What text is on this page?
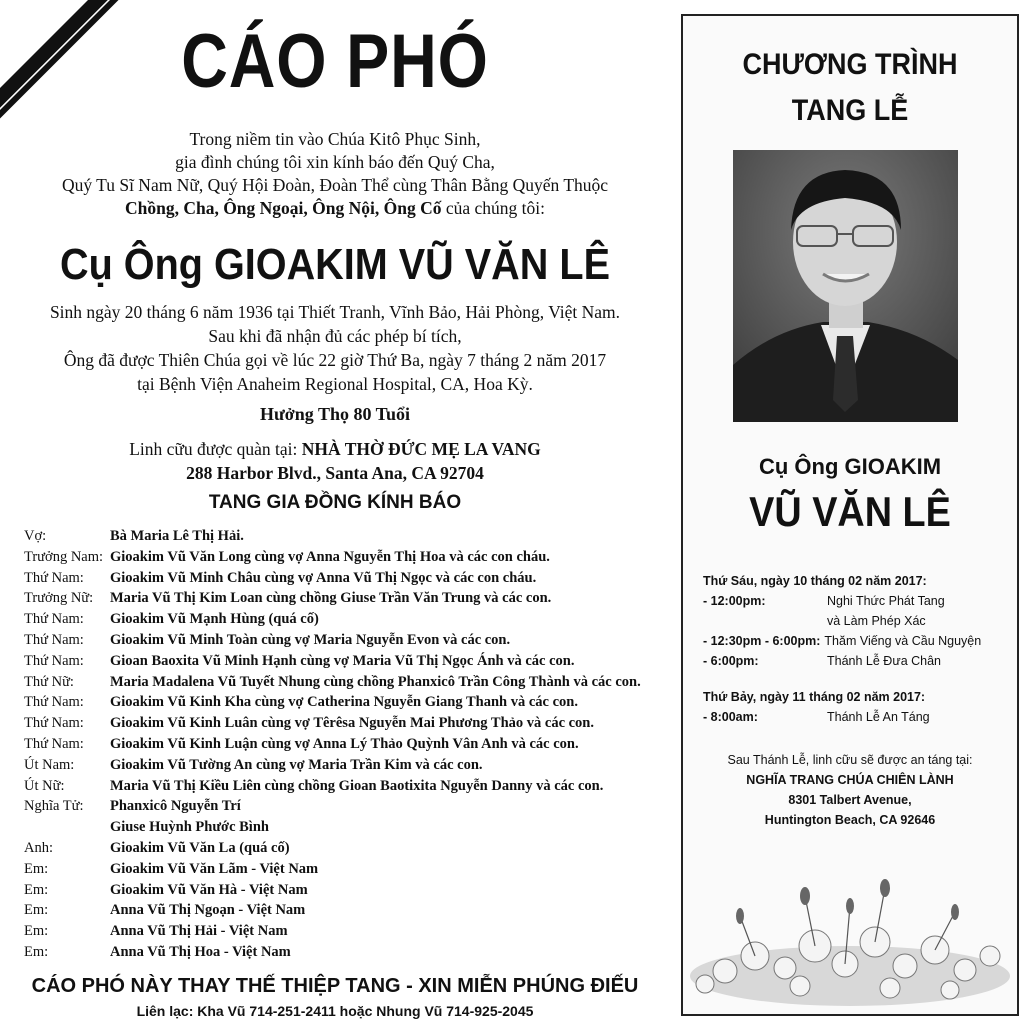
CÁO PHÓ
Trong niềm tin vào Chúa Kitô Phục Sinh,
gia đình chúng tôi xin kính báo đến Quý Cha,
Quý Tu Sĩ Nam Nữ, Quý Hội Đoàn, Đoàn Thể cùng Thân Bằng Quyến Thuộc
Chồng, Cha, Ông Ngoại, Ông Nội, Ông Cố của chúng tôi:
Cụ Ông GIOAKIM VŨ VĂN LÊ
Sinh ngày 20 tháng 6 năm 1936 tại Thiết Tranh, Vĩnh Bảo, Hải Phòng, Việt Nam.
Sau khi đã nhận đủ các phép bí tích,
Ông đã được Thiên Chúa gọi về lúc 22 giờ Thứ Ba, ngày 7 tháng 2 năm 2017
tại Bệnh Viện Anaheim Regional Hospital, CA, Hoa Kỳ.
Hưởng Thọ 80 Tuổi
Linh cữu được quàn tại: NHÀ THỜ ĐỨC MẸ LA VANG
288 Harbor Blvd., Santa Ana, CA 92704
TANG GIA ĐỒNG KÍNH BÁO
Vợ:	Bà Maria Lê Thị Hải.
Trưởng Nam: Gioakim Vũ Văn Long cùng vợ Anna Nguyễn Thị Hoa và các con cháu.
Thứ Nam: Gioakim Vũ Minh Châu cùng vợ Anna Vũ Thị Ngọc và các con cháu.
Trưởng Nữ: Maria Vũ Thị Kim Loan cùng chồng Giuse Trần Văn Trung và các con.
Thứ Nam: Gioakim Vũ Mạnh Hùng (quá cố)
Thứ Nam: Gioakim Vũ Minh Toàn cùng vợ Maria Nguyễn Evon và các con.
Thứ Nam: Gioan Baoxita Vũ Minh Hạnh cùng vợ Maria Vũ Thị Ngọc Ánh và các con.
Thứ Nữ: Maria Madalena Vũ Tuyết Nhung cùng chồng Phanxicô Trần Công Thành và các con.
Thứ Nam: Gioakim Vũ Kinh Kha cùng vợ Catherina Nguyễn Giang Thanh và các con.
Thứ Nam: Gioakim Vũ Kinh Luân cùng vợ Têrêsa Nguyễn Mai Phương Thảo và các con.
Thứ Nam: Gioakim Vũ Kinh Luận cùng vợ Anna Lý Thảo Quỳnh Vân Anh và các con.
Út Nam: Gioakim Vũ Tường An cùng vợ Maria Trần Kim và các con.
Út Nữ:	Maria Vũ Thị Kiều Liên cùng chồng Gioan Baotixita Nguyễn Danny và các con.
Nghĩa Tử: Phanxicô Nguyễn Trí
Giuse Huỳnh Phước Bình
Anh:	Gioakim Vũ Văn La (quá cố)
Em:	Gioakim Vũ Văn Lãm - Việt Nam
Em:	Gioakim Vũ Văn Hà - Việt Nam
Em:	Anna Vũ Thị Ngoạn - Việt Nam
Em:	Anna Vũ Thị Hải - Việt Nam
Em:	Anna Vũ Thị Hoa - Việt Nam
CÁO PHÓ NÀY THAY THẾ THIỆP TANG - XIN MIỄN PHÚNG ĐIẾU
Liên lạc: Kha Vũ 714-251-2411 hoặc Nhung Vũ 714-925-2045
CHƯƠNG TRÌNH
TANG LỄ
Cụ Ông GIOAKIM
VŨ VĂN LÊ
Thứ Sáu, ngày 10 tháng 02 năm 2017:
- 12:00pm:	Nghi Thức Phát Tang
và Làm Phép Xác
- 12:30pm - 6:00pm: Thăm Viếng và Cầu Nguyện
- 6:00pm:	Thánh Lễ Đưa Chân
Thứ Bảy, ngày 11 tháng 02 năm 2017:
- 8:00am:	Thánh Lễ An Táng
Sau Thánh Lễ, linh cữu sẽ được an táng tại:
NGHĨA TRANG CHÚA CHIÊN LÀNH
8301 Talbert Avenue,
Huntington Beach, CA 92646
